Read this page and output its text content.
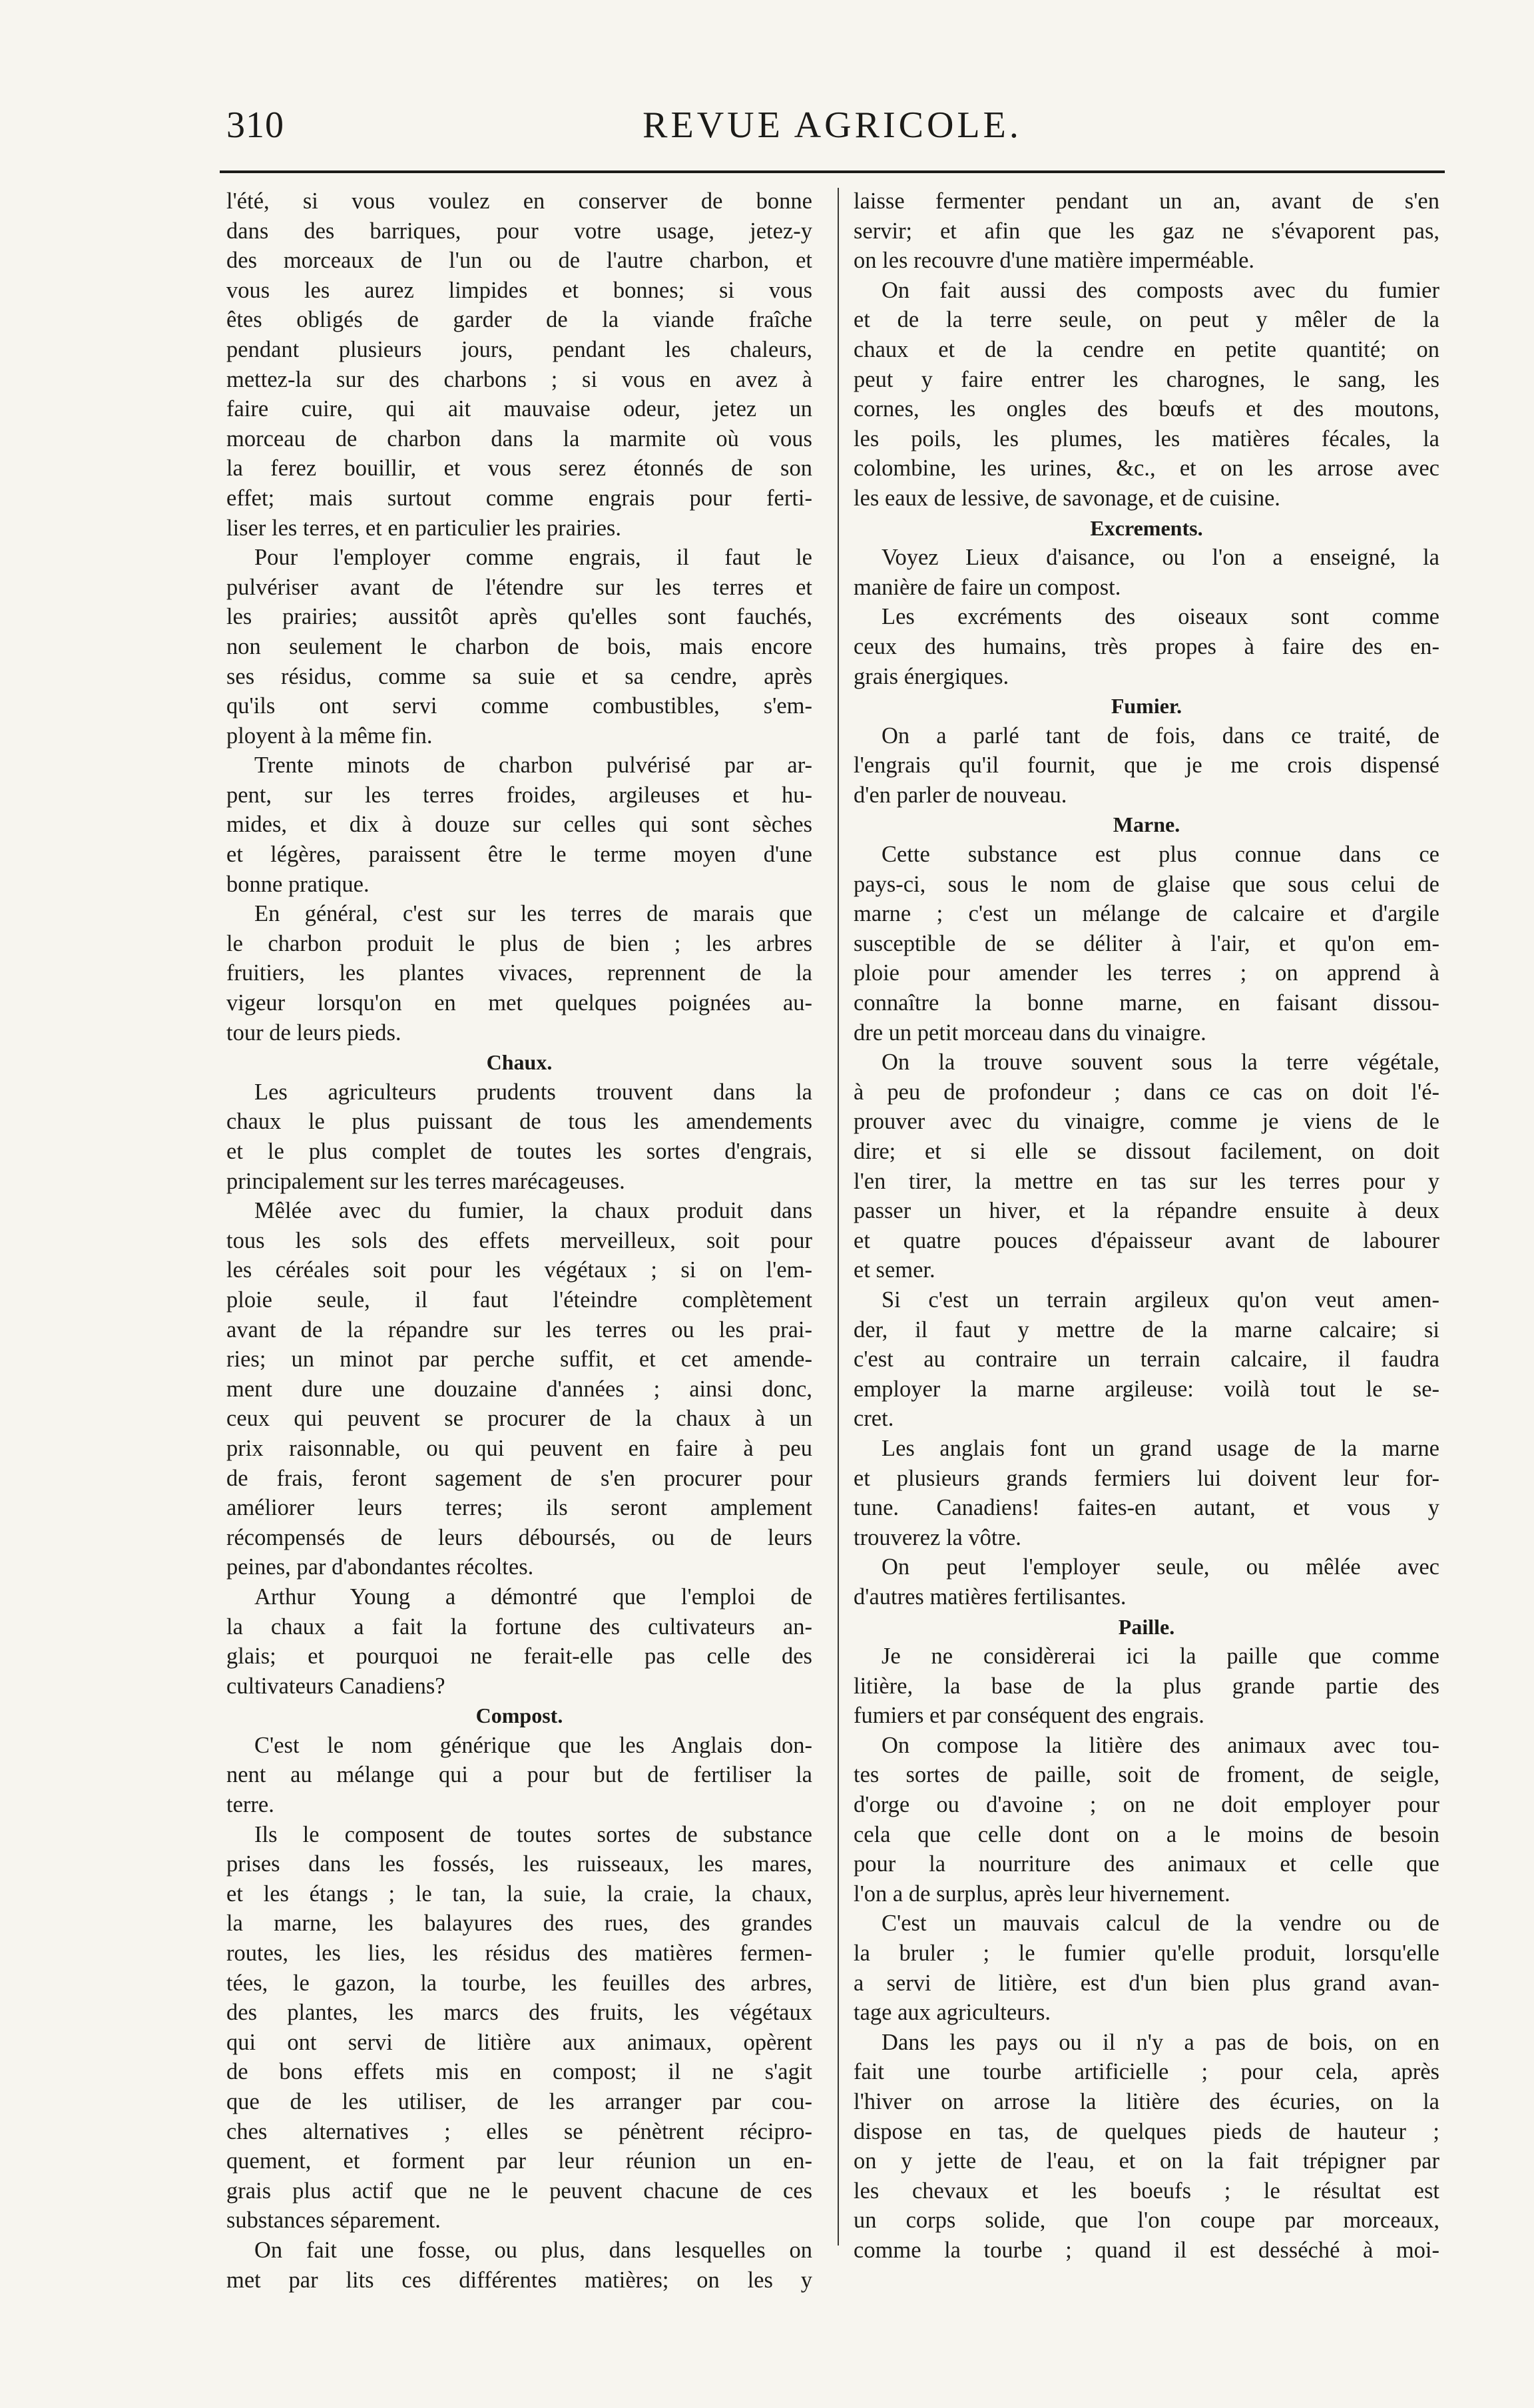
310	REVUE AGRICOLE.
l'été, si vous voulez en conserver de bonne
dans des barriques, pour votre usage, jetez-y
des morceaux de l'un ou de l'autre charbon, et
vous les aurez limpides et bonnes; si vous
êtes obligés de garder de la viande fraîche
pendant plusieurs jours, pendant les chaleurs,
mettez-la sur des charbons ; si vous en avez à
faire cuire, qui ait mauvaise odeur, jetez un
morceau de charbon dans la marmite où vous
la ferez bouillir, et vous serez étonnés de son
effet; mais surtout comme engrais pour ferti-
liser les terres, et en particulier les prairies.
Pour l'employer comme engrais, il faut le
pulvériser avant de l'étendre sur les terres et
les prairies; aussitôt après qu'elles sont fauchés,
non seulement le charbon de bois, mais encore
ses résidus, comme sa suie et sa cendre, après
qu'ils ont servi comme combustibles, s'em-
ployent à la même fin.
Trente minots de charbon pulvérisé par ar-
pent, sur les terres froides, argileuses et hu-
mides, et dix à douze sur celles qui sont sèches
et légères, paraissent être le terme moyen d'une
bonne pratique.
En général, c'est sur les terres de marais que
le charbon produit le plus de bien ; les arbres
fruitiers, les plantes vivaces, reprennent de la
vigeur lorsqu'on en met quelques poignées au-
tour de leurs pieds.
Chaux.
Les agriculteurs prudents trouvent dans la
chaux le plus puissant de tous les amendements
et le plus complet de toutes les sortes d'engrais,
principalement sur les terres marécageuses.
Mêlée avec du fumier, la chaux produit dans
tous les sols des effets merveilleux, soit pour
les céréales soit pour les végétaux ; si on l'em-
ploie seule, il faut l'éteindre complètement
avant de la répandre sur les terres ou les prai-
ries; un minot par perche suffit, et cet amende-
ment dure une douzaine d'années ; ainsi donc,
ceux qui peuvent se procurer de la chaux à un
prix raisonnable, ou qui peuvent en faire à peu
de frais, feront sagement de s'en procurer pour
améliorer leurs terres; ils seront amplement
récompensés de leurs déboursés, ou de leurs
peines, par d'abondantes récoltes.
Arthur Young a démontré que l'emploi de
la chaux a fait la fortune des cultivateurs an-
glais; et pourquoi ne ferait-elle pas celle des
cultivateurs Canadiens?
Compost.
C'est le nom générique que les Anglais don-
nent au mélange qui a pour but de fertiliser la
terre.
Ils le composent de toutes sortes de substance
prises dans les fossés, les ruisseaux, les mares,
et les étangs ; le tan, la suie, la craie, la chaux,
la marne, les balayures des rues, des grandes
routes, les lies, les résidus des matières fermen-
tées, le gazon, la tourbe, les feuilles des arbres,
des plantes, les marcs des fruits, les végétaux
qui ont servi de litière aux animaux, opèrent
de bons effets mis en compost; il ne s'agit
que de les utiliser, de les arranger par cou-
ches alternatives ; elles se pénètrent récipro-
quement, et forment par leur réunion un en-
grais plus actif que ne le peuvent chacune de ces
substances séparement.
On fait une fosse, ou plus, dans lesquelles on
met par lits ces différentes matières; on les y
laisse fermenter pendant un an, avant de s'en
servir; et afin que les gaz ne s'évaporent pas,
on les recouvre d'une matière imperméable.
On fait aussi des composts avec du fumier
et de la terre seule, on peut y mêler de la
chaux et de la cendre en petite quantité; on
peut y faire entrer les charognes, le sang, les
cornes, les ongles des bœufs et des moutons,
les poils, les plumes, les matières fécales, la
colombine, les urines, &c., et on les arrose avec
les eaux de lessive, de savonage, et de cuisine.
Excrements.
Voyez Lieux d'aisance, ou l'on a enseigné, la
manière de faire un compost.
Les excréments des oiseaux sont comme
ceux des humains, très propes à faire des en-
grais énergiques.
Fumier.
On a parlé tant de fois, dans ce traité, de
l'engrais qu'il fournit, que je me crois dispensé
d'en parler de nouveau.
Marne.
Cette substance est plus connue dans ce
pays-ci, sous le nom de glaise que sous celui de
marne ; c'est un mélange de calcaire et d'argile
susceptible de se déliter à l'air, et qu'on em-
ploie pour amender les terres ; on apprend à
connaître la bonne marne, en faisant dissou-
dre un petit morceau dans du vinaigre.
On la trouve souvent sous la terre végétale,
à peu de profondeur ; dans ce cas on doit l'é-
prouver avec du vinaigre, comme je viens de le
dire; et si elle se dissout facilement, on doit
l'en tirer, la mettre en tas sur les terres pour y
passer un hiver, et la répandre ensuite à deux
et quatre pouces d'épaisseur avant de labourer
et semer.
Si c'est un terrain argileux qu'on veut amen-
der, il faut y mettre de la marne calcaire; si
c'est au contraire un terrain calcaire, il faudra
employer la marne argileuse: voilà tout le se-
cret.
Les anglais font un grand usage de la marne
et plusieurs grands fermiers lui doivent leur for-
tune. Canadiens! faites-en autant, et vous y
trouverez la vôtre.
On peut l'employer seule, ou mêlée avec
d'autres matières fertilisantes.
Paille.
Je ne considèrerai ici la paille que comme
litière, la base de la plus grande partie des
fumiers et par conséquent des engrais.
On compose la litière des animaux avec tou-
tes sortes de paille, soit de froment, de seigle,
d'orge ou d'avoine ; on ne doit employer pour
cela que celle dont on a le moins de besoin
pour la nourriture des animaux et celle que
l'on a de surplus, après leur hivernement.
C'est un mauvais calcul de la vendre ou de
la bruler ; le fumier qu'elle produit, lorsqu'elle
a servi de litière, est d'un bien plus grand avan-
tage aux agriculteurs.
Dans les pays ou il n'y a pas de bois, on en
fait une tourbe artificielle ; pour cela, après
l'hiver on arrose la litière des écuries, on la
dispose en tas, de quelques pieds de hauteur ;
on y jette de l'eau, et on la fait trépigner par
les chevaux et les boeufs ; le résultat est
un corps solide, que l'on coupe par morceaux,
comme la tourbe ; quand il est desséché à moi-
